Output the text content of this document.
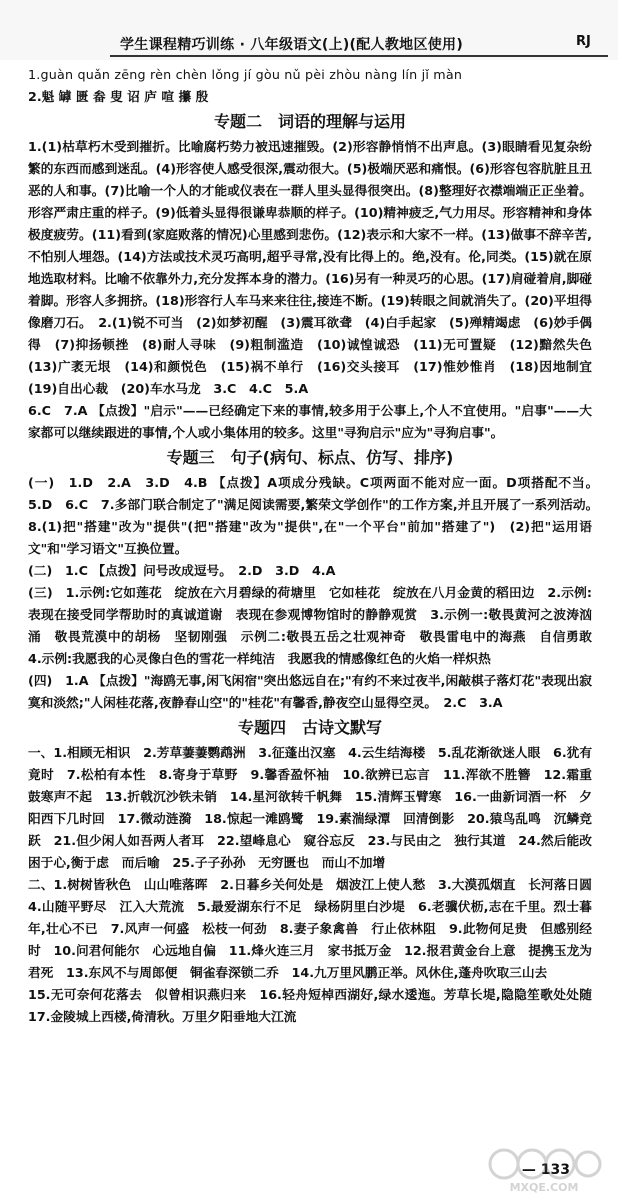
学生课程精巧训练 · 八年级语文(上)(配人教地区使用)	RJ

1.guàn quǎn zēng rèn chèn lǒng jí gòu nǔ pèi zhòu nàng lín jǐ màn

2.魁 罅 匮 畚 叟 诏 庐 喧 攥 殷

专题二　词语的理解与运用

1.(1)枯草朽木受到摧折。比喻腐朽势力被迅速摧毁。(2)形容静悄悄不出声息。(3)眼睛看见复杂纷繁的东西而感到迷乱。(4)形容使人感受很深,震动很大。(5)极端厌恶和痛恨。(6)形容包容肮脏且丑恶的人和事。(7)比喻一个人的才能或仪表在一群人里头显得很突出。(8)整理好衣襟端端正正坐着。形容严肃庄重的样子。(9)低着头显得很谦卑恭顺的样子。(10)精神疲乏,气力用尽。形容精神和身体极度疲劳。(11)看到(家庭败落的情况)心里感到悲伤。(12)表示和大家不一样。(13)做事不辞辛苦,不怕别人埋怨。(14)方法或技术灵巧高明,超乎寻常,没有比得上的。绝,没有。伦,同类。(15)就在原地选取材料。比喻不依靠外力,充分发挥本身的潜力。(16)另有一种灵巧的心思。(17)肩碰着肩,脚碰着脚。形容人多拥挤。(18)形容行人车马来来往往,接连不断。(19)转眼之间就消失了。(20)平坦得像磨刀石。　2.(1)锐不可当　(2)如梦初醒　(3)震耳欲聋　(4)白手起家　(5)殚精竭虑　(6)妙手偶得　(7)抑扬顿挫　(8)耐人寻味　(9)粗制滥造　(10)诚惶诚恐　(11)无可置疑　(12)黯然失色　(13)广袤无垠　(14)和颜悦色　(15)祸不单行　(16)交头接耳　(17)惟妙惟肖　(18)因地制宜　(19)自出心裁　(20)车水马龙　3.C　4.C　5.A

6.C　7.A 【点拨】"启示"——已经确定下来的事情,较多用于公事上,个人不宜使用。"启事"——大家都可以继续跟进的事情,个人或小集体用的较多。这里"寻狗启示"应为"寻狗启事"。

专题三　句子(病句、标点、仿写、排序)

(一)　1.D　2.A　3.D　4.B 【点拨】A项成分残缺。C项两面不能对应一面。D项搭配不当。　5.D　6.C　7.多部门联合制定了"满足阅读需要,繁荣文学创作"的工作方案,并且开展了一系列活动。　8.(1)把"搭建"改为"提供"(把"搭建"改为"提供",在"一个平台"前加"搭建了")　(2)把"运用语文"和"学习语文"互换位置。

(二)　1.C 【点拨】问号改成逗号。　2.D　3.D　4.A

(三)　1.示例:它如莲花　绽放在六月碧绿的荷塘里　它如桂花　绽放在八月金黄的稻田边　2.示例:表现在接受同学帮助时的真诚道谢　表现在参观博物馆时的静静观赏　3.示例一:敬畏黄河之波涛汹涌　敬畏荒漠中的胡杨　坚韧刚强　示例二:敬畏五岳之壮观神奇　敬畏雷电中的海燕　自信勇敢　4.示例:我愿我的心灵像白色的雪花一样纯洁　我愿我的情感像红色的火焰一样炽热

(四)　1.A 【点拨】"海鸥无事,闲飞闲宿"突出悠远自在;"有约不来过夜半,闲敲棋子落灯花"表现出寂寞和淡然;"人闲桂花落,夜静春山空"的"桂花"有馨香,静夜空山显得空灵。　2.C　3.A

专题四　古诗文默写

一、1.相顾无相识　2.芳草萋萋鹦鹉洲　3.征蓬出汉塞　4.云生结海楼　5.乱花渐欲迷人眼　6.犹有竟时　7.松柏有本性　8.寄身于草野　9.馨香盈怀袖　10.欲辨已忘言　11.浑欲不胜簪　12.霜重鼓寒声不起　13.折戟沉沙铁未销　14.星河欲转千帆舞　15.清辉玉臂寒　16.一曲新词酒一杯　夕阳西下几时回　17.微动涟漪　18.惊起一滩鸥鹭　19.素湍绿潭　回清倒影　20.猿鸟乱鸣　沉鳞竞跃　21.但少闲人如吾两人者耳　22.望峰息心　窥谷忘反　23.与民由之　独行其道　24.然后能改　困于心,衡于虑　而后喻　25.子子孙孙　无穷匮也　而山不加增

二、1.树树皆秋色　山山唯落晖　2.日暮乡关何处是　烟波江上使人愁　3.大漠孤烟直　长河落日圆　4.山随平野尽　江入大荒流　5.最爱湖东行不足　绿杨阴里白沙堤　6.老骥伏枥,志在千里。烈士暮年,壮心不已　7.风声一何盛　松枝一何劲　8.妻子象禽兽　行止依林阻　9.此物何足贵　但感别经时　10.问君何能尔　心远地自偏　11.烽火连三月　家书抵万金　12.报君黄金台上意　提携玉龙为君死　13.东风不与周郎便　铜雀春深锁二乔　14.九万里风鹏正举。风休住,蓬舟吹取三山去

15.无可奈何花落去　似曾相识燕归来　16.轻舟短棹西湖好,绿水逶迤。芳草长堤,隐隐笙歌处处随　17.金陵城上西楼,倚清秋。万里夕阳垂地大江流

— 133
MXQE.COM
